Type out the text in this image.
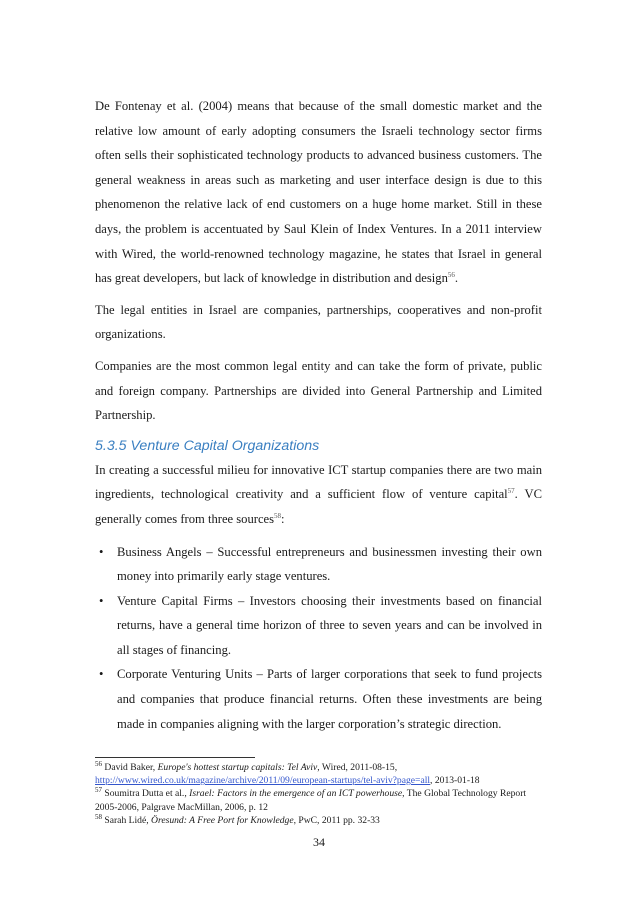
De Fontenay et al. (2004) means that because of the small domestic market and the relative low amount of early adopting consumers the Israeli technology sector firms often sells their sophisticated technology products to advanced business customers. The general weakness in areas such as marketing and user interface design is due to this phenomenon the relative lack of end customers on a huge home market. Still in these days, the problem is accentuated by Saul Klein of Index Ventures. In a 2011 interview with Wired, the world-renowned technology magazine, he states that Israel in general has great developers, but lack of knowledge in distribution and design$^{56}$.

The legal entities in Israel are companies, partnerships, cooperatives and non-profit organizations.

Companies are the most common legal entity and can take the form of private, public and foreign company. Partnerships are divided into General Partnership and Limited Partnership.

5.3.5 Venture Capital Organizations

In creating a successful milieu for innovative ICT startup companies there are two main ingredients, technological creativity and a sufficient flow of venture capital$^{57}$. VC generally comes from three sources$^{58}$:

• Business Angels – Successful entrepreneurs and businessmen investing their own money into primarily early stage ventures.
• Venture Capital Firms – Investors choosing their investments based on financial returns, have a general time horizon of three to seven years and can be involved in all stages of financing.
• Corporate Venturing Units – Parts of larger corporations that seek to fund projects and companies that produce financial returns. Often these investments are being made in companies aligning with the larger corporation’s strategic direction.

$^{56}$ David Baker, Europe's hottest startup capitals: Tel Aviv, Wired, 2011-08-15,
http://www.wired.co.uk/magazine/archive/2011/09/european-startups/tel-aviv?page=all, 2013-01-18

$^{57}$ Soumitra Dutta et al., Israel: Factors in the emergence of an ICT powerhouse, The Global Technology Report 2005-2006, Palgrave MacMillan, 2006, p. 12

$^{58}$ Sarah Lidé, Öresund: A Free Port for Knowledge, PwC, 2011 pp. 32-33

34
